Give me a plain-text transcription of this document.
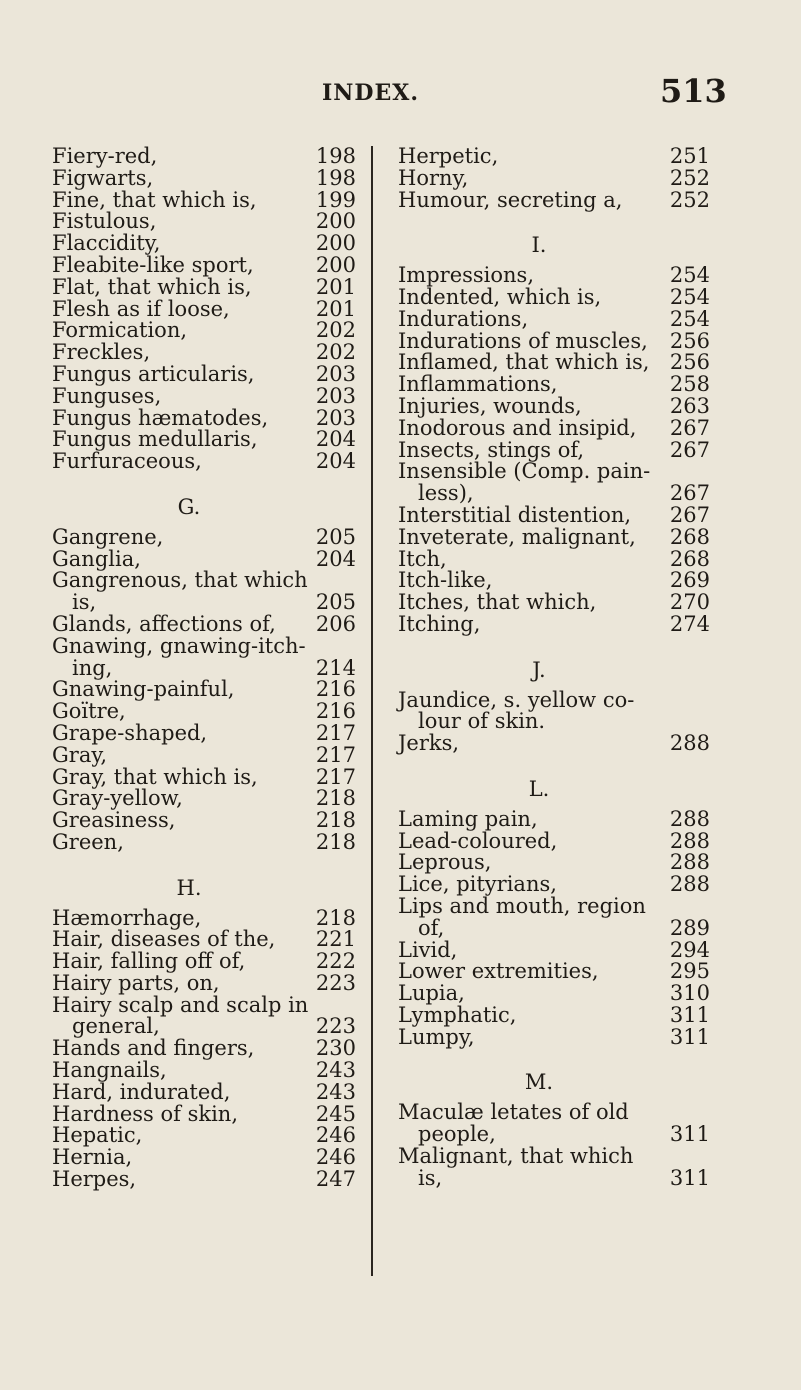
INDEX.	513
Fiery-red,	198
Figwarts,	198
Fine, that which is,	199
Fistulous,	200
Flaccidity,	200
Fleabite-like sport,	200
Flat, that which is,	201
Flesh as if loose,	201
Formication,	202
Freckles,	202
Fungus articularis,	203
Funguses,	203
Fungus hæmatodes, 203
Fungus medullaris,	204
Furfuraceous,	204
G.
Gangrene,	205
Ganglia,	204
Gangrenous, that which
is,	205
Glands, affections of, 206
Gnawing, gnawing-itch-
ing,	214
Gnawing-painful,	216
Goïtre,	216
Grape-shaped,	217
Gray,	217
Gray, that which is,	217
Gray-yellow,	218
Greasiness,	218
Green,	218
H.
Hæmorrhage,	218
Hair, diseases of the, 221
Hair, falling off of,	222
Hairy parts, on,	223
Hairy scalp and scalp in
general,	223
Hands and fingers,	230
Hangnails,	243
Hard, indurated,	243
Hardness of skin,	245
Hepatic,	246
Hernia,	246
Herpes,	247
Herpetic,	251
Horny,	252
Humour, secreting a, 252
I.
Impressions,	254
Indented, which is,	254
Indurations,	254
Indurations of muscles, 256
Inflamed, that which is, 256
Inflammations,	258
Injuries, wounds,	263
Inodorous and insipid, 267
Insects, stings of,	267
Insensible (Comp. pain-
less),	267
Interstitial distention, 267
Inveterate, malignant, 268
Itch,	268
Itch-like,	269
Itches, that which,	270
Itching,	274
J.
Jaundice, s. yellow co-
lour of skin.
Jerks,	288
L.
Laming pain,	288
Lead-coloured,	288
Leprous,	288
Lice, pityrians,	288
Lips and mouth, region
of,	289
Livid,	294
Lower extremities,	295
Lupia,	310
Lymphatic,	311
Lumpy,	311
M.
Maculæ letates of old
people,	311
Malignant, that which
is,	311
